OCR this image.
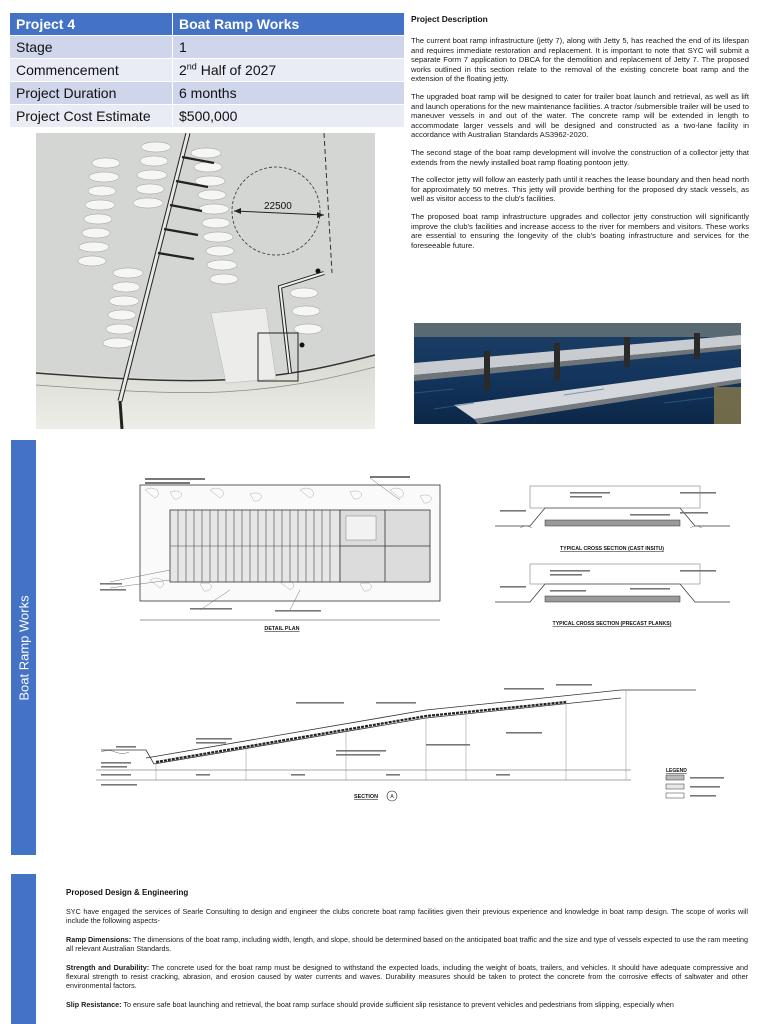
Project 4	Boat Ramp Works
Stage	1
Commencement	2nd Half of 2027
Project Duration	6 months
Project Cost Estimate	$500,000
22500
Project Description

The current boat ramp infrastructure (jetty 7), along with Jetty 5, has reached the end of its lifespan and requires immediate restoration and replacement. It is important to note that SYC will submit a separate Form 7 application to DBCA for the demolition and replacement of Jetty 7. The proposed works outlined in this section relate to the removal of the existing concrete boat ramp and the extension of the floating jetty.

The upgraded boat ramp will be designed to cater for trailer boat launch and retrieval, as well as lift and launch operations for the new maintenance facilities. A tractor /submersible trailer will be used to maneuver vessels in and out of the water. The concrete ramp will be extended in length to accommodate larger vessels and will be designed and constructed as a two-lane facility in accordance with Australian Standards AS3962-2020.

The second stage of the boat ramp development will involve the construction of a collector jetty that extends from the newly installed boat ramp floating pontoon jetty.

The collector jetty will follow an easterly path until it reaches the lease boundary and then head north for approximately 50 metres. This jetty will provide berthing for the proposed dry stack vessels, as well as visitor access to the club's facilities.

The proposed boat ramp infrastructure upgrades and collector jetty construction will significantly improve the club's facilities and increase access to the river for members and visitors. These works are essential to ensuring the longevity of the club's boating infrastructure and services for the foreseeable future.

Boat Ramp Works	DETAIL PLAN
TYPICAL CROSS SECTION (CAST INSITU)
TYPICAL CROSS SECTION (PRECAST PLANKS)
SECTION A
LEGEND
Proposed Design & Engineering

SYC have engaged the services of Searle Consulting to design and engineer the clubs concrete boat ramp facilities given their previous experience and knowledge in boat ramp design. The scope of works will include the following aspects-

Ramp Dimensions: The dimensions of the boat ramp, including width, length, and slope, should be determined based on the anticipated boat traffic and the size and type of vessels expected to use the ram meeting all relevant Australian Standards.

Strength and Durability: The concrete used for the boat ramp must be designed to withstand the expected loads, including the weight of boats, trailers, and vehicles. It should have adequate compressive and flexural strength to resist cracking, abrasion, and erosion caused by water currents and waves. Durability measures should be taken to protect the concrete from the corrosive effects of saltwater and other environmental factors.

Slip Resistance: To ensure safe boat launching and retrieval, the boat ramp surface should provide sufficient slip resistance to prevent vehicles and pedestrians from slipping, especially when
